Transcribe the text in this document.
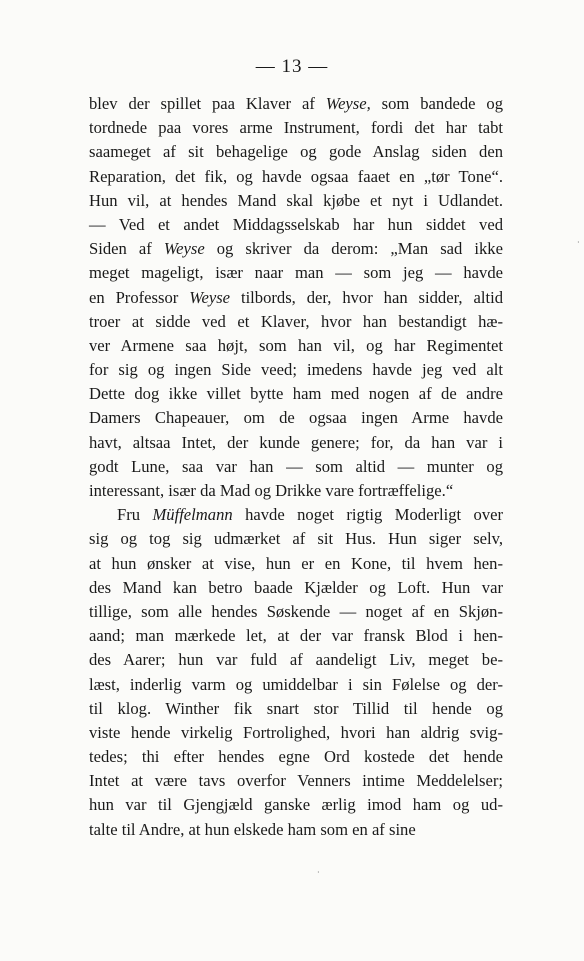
— 13 —
blev der spillet paa Klaver af Weyse, som bandede og
tordnede paa vores arme Instrument, fordi det har tabt
saameget af sit behagelige og gode Anslag siden den
Reparation, det fik, og havde ogsaa faaet en „tør Tone“.
Hun vil, at hendes Mand skal kjøbe et nyt i Udlandet.
— Ved et andet Middagsselskab har hun siddet ved
Siden af Weyse og skriver da derom: „Man sad ikke
meget mageligt, især naar man — som jeg — havde
en Professor Weyse tilbords, der, hvor han sidder, altid
troer at sidde ved et Klaver, hvor han bestandigt hæ-
ver Armene saa højt, som han vil, og har Regimentet
for sig og ingen Side veed; imedens havde jeg ved alt
Dette dog ikke villet bytte ham med nogen af de andre
Damers Chapeauer, om de ogsaa ingen Arme havde
havt, altsaa Intet, der kunde genere; for, da han var i
godt Lune, saa var han — som altid — munter og
interessant, især da Mad og Drikke vare fortræffelige.“
Fru Müffelmann havde noget rigtig Moderligt over
sig og tog sig udmærket af sit Hus. Hun siger selv,
at hun ønsker at vise, hun er en Kone, til hvem hen-
des Mand kan betro baade Kjælder og Loft. Hun var
tillige, som alle hendes Søskende — noget af en Skjøn-
aand; man mærkede let, at der var fransk Blod i hen-
des Aarer; hun var fuld af aandeligt Liv, meget be-
læst, inderlig varm og umiddelbar i sin Følelse og der-
til klog. Winther fik snart stor Tillid til hende og
viste hende virkelig Fortrolighed, hvori han aldrig svig-
tedes; thi efter hendes egne Ord kostede det hende
Intet at være tavs overfor Venners intime Meddelelser;
hun var til Gjengjæld ganske ærlig imod ham og ud-
talte til Andre, at hun elskede ham som en af sine
·
·
